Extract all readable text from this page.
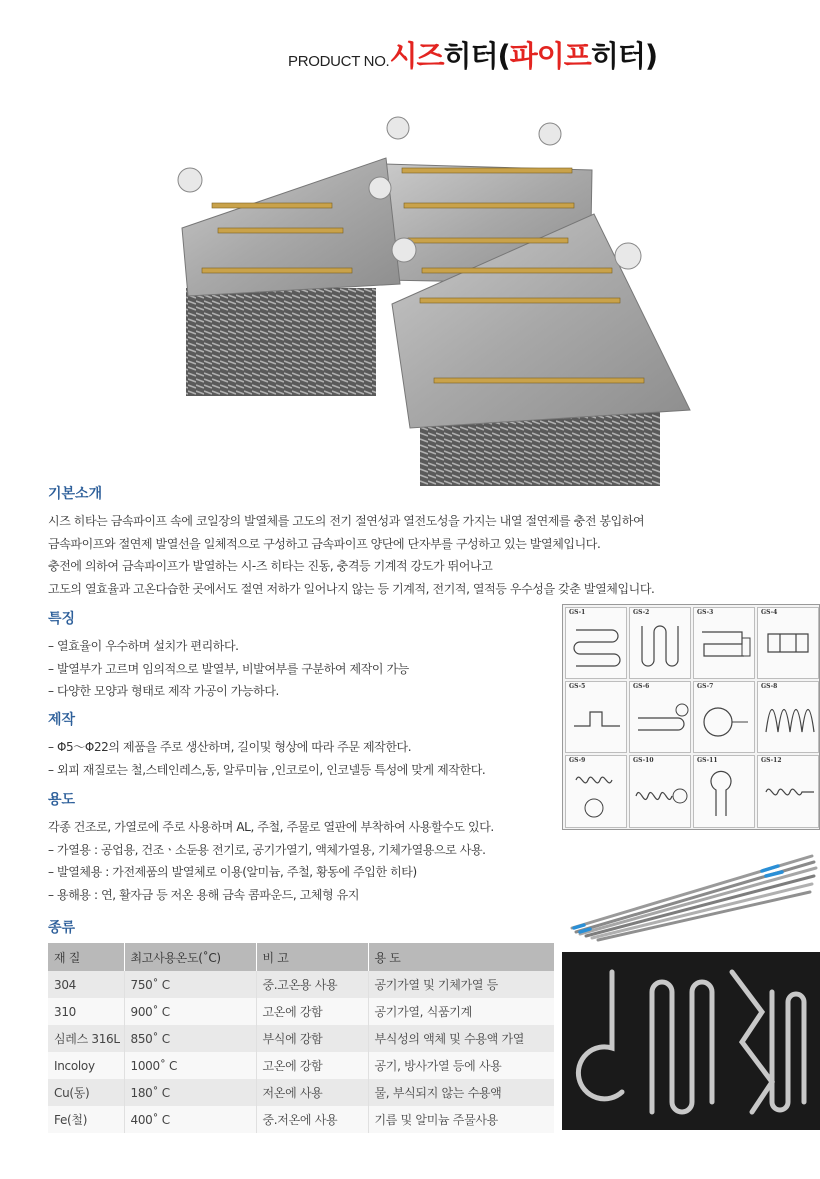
PRODUCT NO.시즈히터(파이프히터)
기본소개
시즈 히타는 금속파이프 속에 코일장의 발열체를 고도의 전기 절연성과 열전도성을 가지는 내열 절연제를 충전 봉입하여
금속파이프와 절연제 발열선을 일체적으로 구성하고 금속파이프 양단에 단자부를 구성하고 있는 발열체입니다.
충전에 의하여 금속파이프가 발열하는 시-즈 히타는 진동, 충격등 기계적 강도가 뛰어나고
고도의 열효율과 고온다습한 곳에서도 절연 저하가 일어나지 않는 등 기계적, 전기적, 열적등 우수성을 갖춘 발열체입니다.
특징
– 열효율이 우수하며 설치가 편리하다.
– 발열부가 고르며 임의적으로 발열부, 비발여부를 구분하여 제작이 가능
– 다양한 모양과 형태로 제작 가공이 가능하다.
제작
– Φ5～Φ22의 제품을 주로 생산하며, 길이및 형상에 따라 주문 제작한다.
– 외피 재질로는 철,스테인레스,동, 알루미늄 ,인코로이, 인코넬등 특성에 맞게 제작한다.
용도
각종 건조로, 가열로에 주로 사용하며 AL, 주철, 주물로 열판에 부착하여 사용할수도 있다.
– 가열용 : 공업용, 건조ㆍ소둔용 전기로, 공기가열기, 액체가열용, 기체가열용으로 사용.
– 발열체용 : 가전제품의 발열체로 이용(알미늄, 주철, 황동에 주입한 히타)
– 용해용 : 연, 활자금 등 저온 용해 금속 콤파운드, 고체형 유지
종류
재 질	최고사용온도(˚C)	비 고	용 도
304	750˚ C	중.고온용 사용	공기가열 및 기체가열 등
310	900˚ C	고온에 강함	공기가열, 식품기계
심레스 316L	850˚ C	부식에 강함	부식성의 액체 및 수용액 가열
Incoloy	1000˚ C	고온에 강함	공기, 방사가열 등에 사용
Cu(동)	180˚ C	저온에 사용	물, 부식되지 않는 수용액
Fe(철)	400˚ C	중.저온에 사용	기름 및 알미늄 주물사용
GS-1	GS-2	GS-3	GS-4
GS-5	GS-6	GS-7	GS-8
GS-9	GS-10	GS-11	GS-12
